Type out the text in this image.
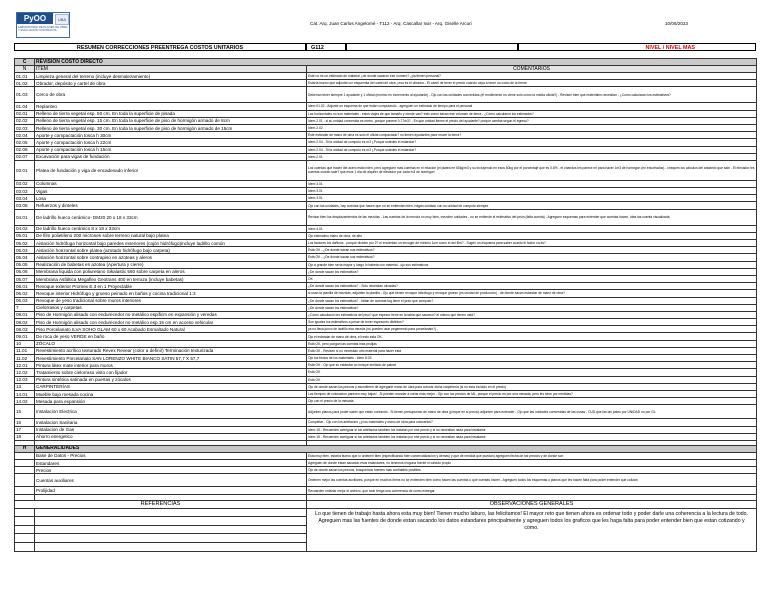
PyOO	UBA
LABORATORIO DE PLANES DE OBRA Y EVALUACIÓN CONTRATOS
Cát. Arq. Juan Carlos Angelomé - T112 - Arq. Cascallar Ivar - Arq. Giselle Arcuri	10/06/2023
RESUMEN CORRECCIONES PREENTREGA COSTOS UNITARIOS	G112	NIVEL / NIVEL MAS
C	REVISION COSTO DIRECTO	
N	ITEM	COMENTARIOS
01.01	Limpieza general del terreno (incluye desmalezamiento)	Este no es un estimado de material ¿de donde sacaron ese numero? ¿ya tienen personal?
01.02	Obrador, depósito y cartel de obra	Estaría bueno que adjunten un esquemita del cartel de obra ¿eso es el obrador - El cartel de tener el precio cuando vaya a tener un costo de la frente
01.03	Cerco de obra	Deberían tener siempre 1 ayudante y 1 oficial (mínimo en incremento al ayudante) - Ojo con las unidades convenidas (el rendimiento no viene solo como la media oficial?) - Revisen bien que materiales necesitan - ¿Como calcularon los estimativos?
01.04	Replanteo	Idem 01.02 - Adjunte un esquema de que están computando - agreguen un estimado de tiempo para el personal
02.01	Relleno de tierra vegetal esp. 50 cm. En toda la superficie de pisada	Los horizontales no son materiales - estos viajes de que tamaño y donde van? esto como sacan ese volumen de tierra - ¿Cómo calcularon los estimados?
02.02	Relleno de tierra vegetal esp. 15 cm. En toda la superficie de piso de hormigón armado de 8cm	Idem 2.01 - si su unidad convenida es metro, porque ponene 0.77m3? - En que unidad tienen el precio del ayudante? porque cambia segun el egreso?
02.03	Relleno de tierra vegetal esp. 30 cm. En toda la superficie de piso de hormigón armado de 15cm	Idem 2.02
02.04	Aporte y compactación tosca h 30cm	Este estándar de mano de obra es solo el oficial compactado? no tienen ayudantes para mover la tierra?
02.05	Aporte y compactación tosca h 22cm	Idem 2.04 - Si la unidad de computo es m3 ¿Porque ustedes el estandar?
02.06	Aporte y compactación tosca h 15cm	Idem 2.04 - Si la unidad de computo es m3 ¿Porque ustedes el estandar?
02.07	Excavación para vigas de fundación	Idem 2.01
03.01	Platea de fundación y viga de encadenado inferior	Los cuentas que hacen del acero están bien, pero agreguen mas cuentas en el relación (el platea en 60kg/m3 y su incluyendo en esos 60kg por el porcentaje que es 0.8% - el chandos les parece mi para hacer 1m3 de hormigon (en encofrados) - cheques los calculos del andamio que sale - El elevador les cuentas cuanto sale? que esos 1 día de alquiler de elevador por cada m3 de hormigon
03.02	Columnas	Idem 3.01
03.03	Vigas	Idem 3.01
03.04	Losa	Idem 3.01
03.05	Refuerzos y dinteles	Ojo con las unidades, hay cuentas que hacen que no se entienden bien, hagan cuidado con su unidad de computo siempre
04.01	De ladrillo hueco cerámico- DM20 20 x 18 x 33cm	Revisar bien los desplazamientos de las mezclas - Las cuentas de la mezcla no muy bien, mezclen unidades - no se entiende el estimativo del peón (falta cuenta) - Agreguen esquemas para entender que cuentas hacen, idea las cuenta visualizada
04.02	De ladrillo hueco cerámico 8 x 18 x 33cm	Idem 4.01
05.01	De film polietileno 200 micrones sobre terreno natural bajo platea	Ojo estimativo mano de obra, de alto
05.02	Aislación hidrófuga horizontal bajo paredes exteriores (cajón hidrófugo)incluye ladrillo común	Los factores los dañinos - porque dividen por 2? el encientan un encoger de mínimo 1cm como el del film? - Sugen un esquema para saber cuanto el factor ca es?
05.03	Aislación horizontal sobre platea (azotado hidrófugo bajo carpeta)	Está OK - ¿De donde sacan sus estimativos?
05.04	Aislación horizontal sobre contrapiso en azoteas y aleros	Está OK - ¿De donde sacan sus estimativos?
05.05	Realización de babetas en azotea (Apertura y cierre)	Ojo a grande bien sería mayor y luego lo babeta con material - ojo sus estimativos
05.06	Membrana líquida con poliuretano Sikalastic 560 sobre carpeta en aleros	¿De donde sacan los estimativos?
05.07	Membrana Asfáltica Megaflex Geotrans 400 en terraza (incluye babetas)	OK
06.01	Revoque exterior Promex E 3 en 1 Proyectable	¿De donde sacan los estimativos? - Solo necesitan olivadas?
06.02	Revoque interior Hidrófugo y grueso peinado en baños y cocina tradicional 1:3	si usan la planilla de mezclas, adjunten la planilla - Ojo que tienen revoque hidrófugo y revoque grueso (es unidad de producción) - de donde sacan estandar de mano de obra?
06.03	Revoque de yeso tradicional sobre muros interiores	¿De donde sacan los estimativos? - faltan de cuentas tog tiene el yeso que computo?
7	Cielorrasos y carpetas	¿De donde sacan los estimativos?
08.01	Piso de Hormigón alisado con endurecedor no metálico espificm en expansión y veredas	¿Como calcularon los estimativos del piso? que espesor tiene en la tabla que sacaron? el mismo que tienen ustd?
08.02	Piso de Hormigón alisado con endurecedor no metálico esp.15 cm en acceso vehicular	Son iguales los estimativos a pesar de tener espesores distintos?
08.03	Piso Porcelanato ILVA SOHO GLAM 60 x 60 Acabado Esmaltado Natural	ya no lleva junco de ladrillo esa mezcla (no pueden usar pegamento para porcelanato?) -
09.01	De roca de yeso VERDE en baño	Ojo el estandar de mano de obra, el resto esta OK
10	ZÓCALO	Está OK, pero pongan las cuentas mas prolijas
11.01	Revestimiento acrílico texturado Revex Revear (color a definir) Terminación texturizada	Está OK - Revisen si no necesitan otro material para hacer esta
11.02	Revestimiento Porcelanato SAN LORENZO WHITE BIANCO SATIN 57,7 X 57,7	Ojo los títulos de los materiales - Idem 8.03
12.01	Pintura látex mate interior para muros	Está OK - Ojo que su estándar no incluye emitado de paleat
12.02	Tratamiento sobre cielorraso visto con fijador	Está OK
12.03	Pintura sintética satinada en puertas y zócalos	Está OK
13	CARPINTERÍAS	Ojo de donde sacan los precios y asumitirem de agregarle mano de obra para colocar dicha carpintería (si no esta incluido en el precio)
14.01	Mueble bajo mesada cocina	Los tiempos de colocacion parecen muy bajos! - Si pueden mandar a cortar más mejor - Ojo con los precios de ML, porque el precio es por una mesada, pero les sirve por medidas?
14.02	Mesada para expansión	Ojo con el precio de la mesada
15	Instalacion Electrica	Adjunten planos para poder saber que están contando - Si tienen presupuesto de mano de obra (porque en si precio) adjunten para entender - Ojo que las unidades convenidas de las cosas - CUD que las las paleo por UNIDAD no por GL
16	Instalacion Sanitaria	Completar - Ojo con los artefactos ¿y los materiales y mano de obra para colocarlos?
17	Instalacion de Gas	Idem 15 - Recuerden averiguar si los artefactos tambien los instalan por ese precio y si no necesitan nada para instalarse
18	Ahorro energetico	Idem 15 - Recuerden averiguar si los artefactos tambien los instalan por ese precio y si no necesitan nada para instalarse

H	GENERALIDADES	
	Base de Datos - Precios	Esta muy bien, estaría bueno que lo ordenen bien (especificando bien comercializacion y demas) y que de medida que puedan) agreguen fecha de los precios y de donde son
	Estandares	Agreguen de donde estan sacando esos estandares, no tenemos ninguna fuente ni calculo propio
	Precios	Ojo de donde sacan los precios, busquemos fuentes mas confiables posibles
	Cuentas auxiliares	Ordenen mejor las cuentas auxiliares, porque en muchos items no se entienden bien como hacen las cuentas o que cuentas hacen - Agreguen todos los esquemas o planos que les hacen falta para poder entender que cotizan
	Prolijidad	Recuerden ordenar mejor el archivo, que todo tenga una coherencia de como entregar

REFERENCIAS		OBSERVACIONES GENERALES
		Lo que tienen de trabajo hasta ahora esta muy bien! Tienen mucho laburo, las felicitamos! El mayor reto que tienen ahora es ordenar todo y poder darle una coherencia a la lectura de todo. Agreguen mas las fuentes de donde estan sacando los datos estandares principalmente y agreguen todos los graficos que les haga falta para poder entender bien que estan cotizando y como.
